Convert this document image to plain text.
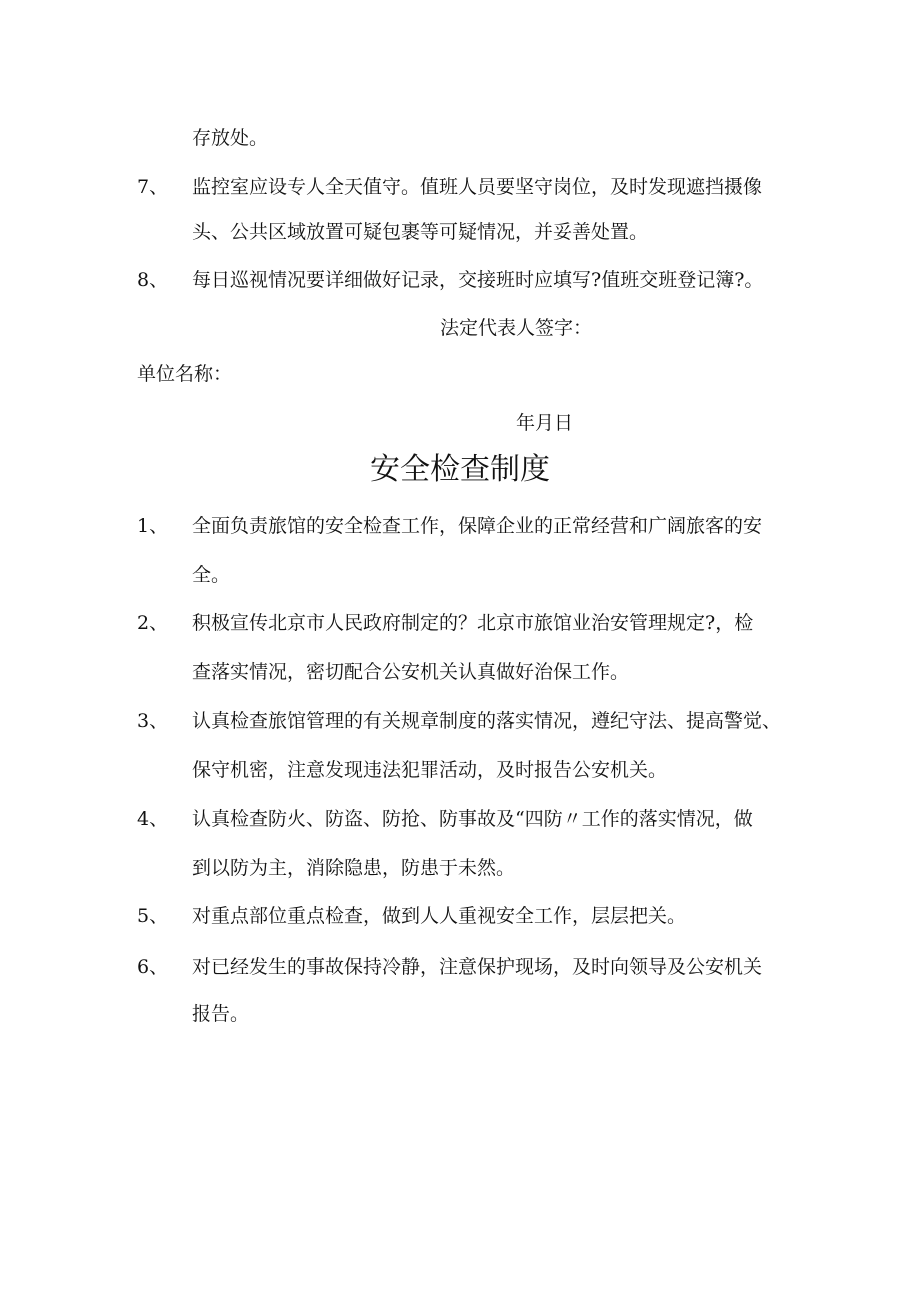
存放处。
7、 监控室应设专人全天值守。值班人员要坚守岗位，及时发现遮挡摄像
头、公共区域放置可疑包裹等可疑情况，并妥善处置。
8、 每日巡视情况要详细做好记录，交接班时应填写?值班交班登记簿?。
法定代表人签字：
单位名称：
年月日
安全检查制度
1、 全面负责旅馆的安全检查工作，保障企业的正常经营和广阔旅客的安
全。
2、 积极宣传北京市人民政府制定的？北京市旅馆业治安管理规定?，检
查落实情况，密切配合公安机关认真做好治保工作。
3、 认真检查旅馆管理的有关规章制度的落实情况，遵纪守法、提高警觉、
保守机密，注意发现违法犯罪活动，及时报告公安机关。
4、 认真检查防火、防盗、防抢、防事故及“四防〃工作的落实情况，做
到以防为主，消除隐患，防患于未然。
5、 对重点部位重点检查，做到人人重视安全工作，层层把关。
6、 对已经发生的事故保持冷静，注意保护现场，及时向领导及公安机关
报告。
